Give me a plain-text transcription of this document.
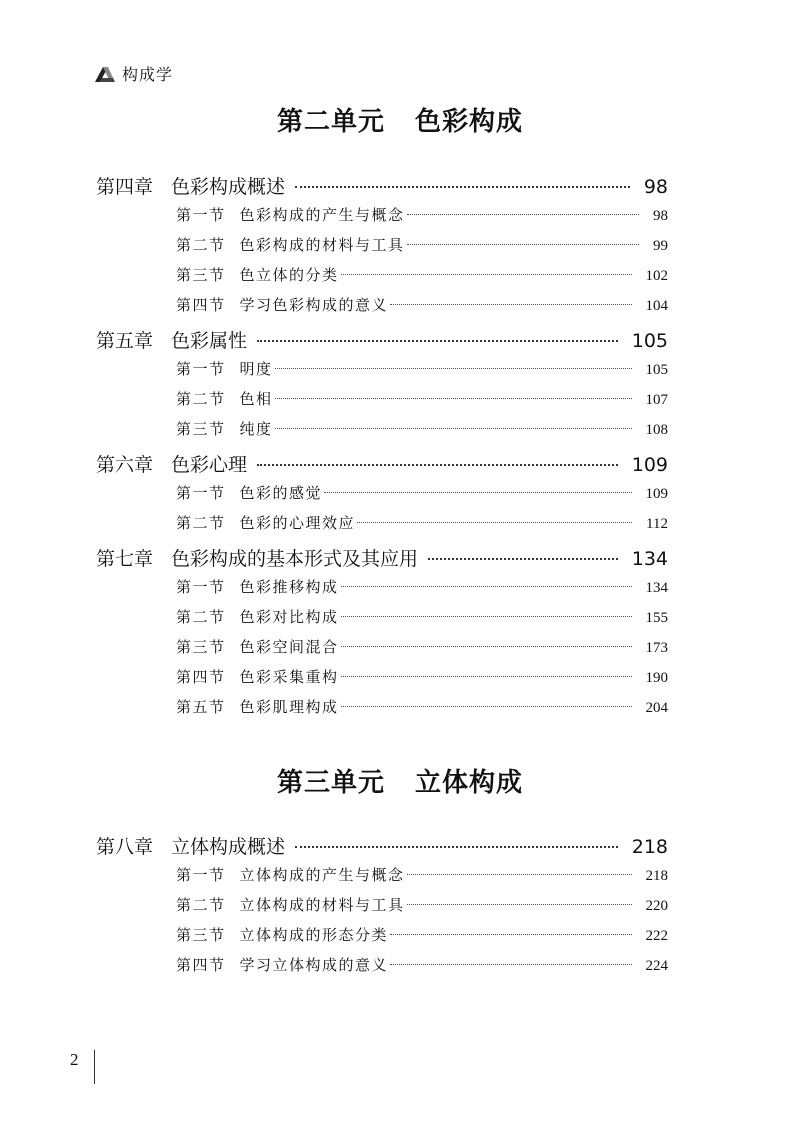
构成学
第二单元 色彩构成
第四章 色彩构成概述	98
第一节 色彩构成的产生与概念	98
第二节 色彩构成的材料与工具	99
第三节 色立体的分类	102
第四节 学习色彩构成的意义	104
第五章 色彩属性	105
第一节 明度	105
第二节 色相	107
第三节 纯度	108
第六章 色彩心理	109
第一节 色彩的感觉	109
第二节 色彩的心理效应	112
第七章 色彩构成的基本形式及其应用	134
第一节 色彩推移构成	134
第二节 色彩对比构成	155
第三节 色彩空间混合	173
第四节 色彩采集重构	190
第五节 色彩肌理构成	204
第三单元 立体构成
第八章 立体构成概述	218
第一节 立体构成的产生与概念	218
第二节 立体构成的材料与工具	220
第三节 立体构成的形态分类	222
第四节 学习立体构成的意义	224
2
